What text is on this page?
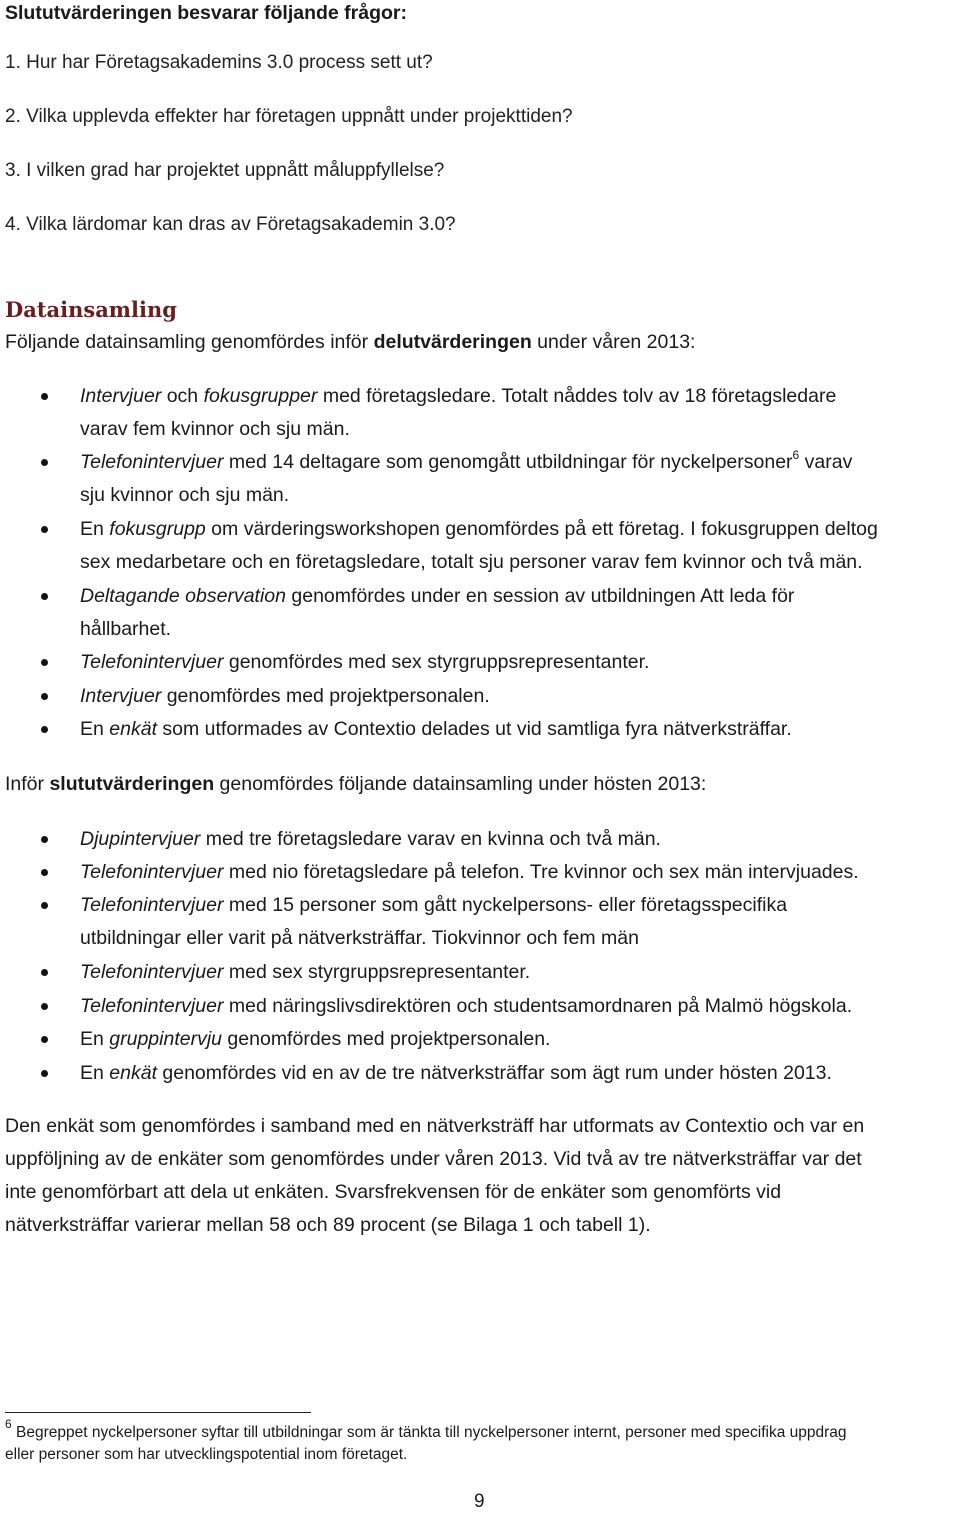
Slututvärderingen besvarar följande frågor:
1. Hur har Företagsakademins 3.0 process sett ut?
2. Vilka upplevda effekter har företagen uppnått under projekttiden?
3. I vilken grad har projektet uppnått måluppfyllelse?
4. Vilka lärdomar kan dras av Företagsakademin 3.0?
Datainsamling
Följande datainsamling genomfördes inför delutvärderingen under våren 2013:
Intervjuer och fokusgrupper med företagsledare. Totalt nåddes tolv av 18 företagsledare
varav fem kvinnor och sju män.
Telefonintervjuer med 14 deltagare som genomgått utbildningar för nyckelpersoner$^6$ varav
sju kvinnor och sju män.
En fokusgrupp om värderingsworkshopen genomfördes på ett företag. I fokusgruppen deltog
sex medarbetare och en företagsledare, totalt sju personer varav fem kvinnor och två män.
Deltagande observation genomfördes under en session av utbildningen Att leda för
hållbarhet.
Telefonintervjuer genomfördes med sex styrgruppsrepresentanter.
Intervjuer genomfördes med projektpersonalen.
En enkät som utformades av Contextio delades ut vid samtliga fyra nätverksträffar.
Inför slututvärderingen genomfördes följande datainsamling under hösten 2013:
Djupintervjuer med tre företagsledare varav en kvinna och två män.
Telefonintervjuer med nio företagsledare på telefon. Tre kvinnor och sex män intervjuades.
Telefonintervjuer med 15 personer som gått nyckelpersons- eller företagsspecifika
utbildningar eller varit på nätverksträffar. Tiokvinnor och fem män
Telefonintervjuer med sex styrgruppsrepresentanter.
Telefonintervjuer med näringslivsdirektören och studentsamordnaren på Malmö högskola.
En gruppintervju genomfördes med projektpersonalen.
En enkät genomfördes vid en av de tre nätverksträffar som ägt rum under hösten 2013.
Den enkät som genomfördes i samband med en nätverksträff har utformats av Contextio och var en
uppföljning av de enkäter som genomfördes under våren 2013. Vid två av tre nätverksträffar var det
inte genomförbart att dela ut enkäten. Svarsfrekvensen för de enkäter som genomförts vid
nätverksträffar varierar mellan 58 och 89 procent (se Bilaga 1 och tabell 1).
$^6$ Begreppet nyckelpersoner syftar till utbildningar som är tänkta till nyckelpersoner internt, personer med specifika uppdrag
eller personer som har utvecklingspotential inom företaget.
9
